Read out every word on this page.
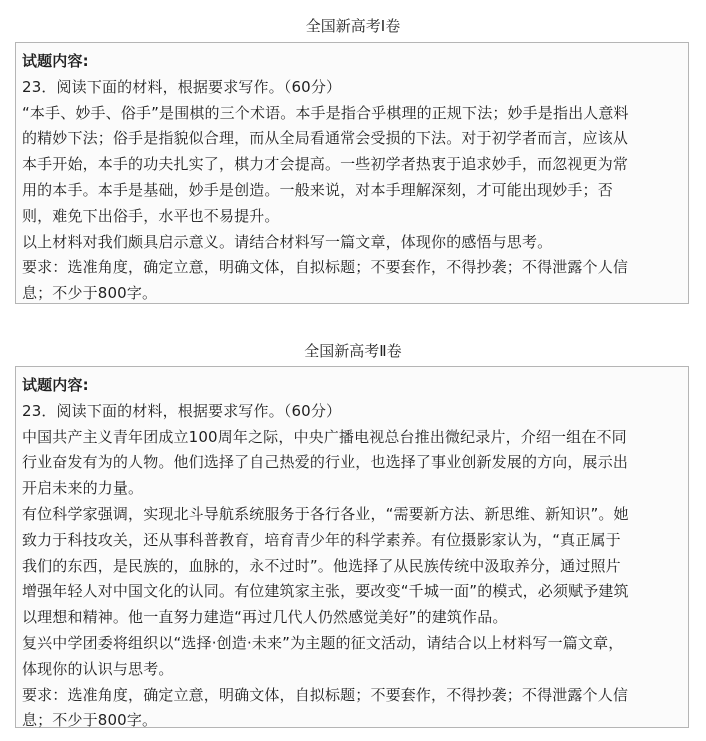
全国新高考Ⅰ卷
试题内容:
23．阅读下面的材料，根据要求写作。（60分）
“本手、妙手、俗手”是围棋的三个术语。本手是指合乎棋理的正规下法；妙手是指出人意料
的精妙下法；俗手是指貌似合理，而从全局看通常会受损的下法。对于初学者而言，应该从
本手开始，本手的功夫扎实了，棋力才会提高。一些初学者热衷于追求妙手，而忽视更为常
用的本手。本手是基础，妙手是创造。一般来说，对本手理解深刻，才可能出现妙手；否
则，难免下出俗手，水平也不易提升。
以上材料对我们颇具启示意义。请结合材料写一篇文章，体现你的感悟与思考。
要求：选准角度，确定立意，明确文体，自拟标题；不要套作，不得抄袭；不得泄露个人信
息；不少于800字。
全国新高考Ⅱ卷
试题内容:
23．阅读下面的材料，根据要求写作。（60分）
中国共产主义青年团成立100周年之际，中央广播电视总台推出微纪录片，介绍一组在不同
行业奋发有为的人物。他们选择了自己热爱的行业，也选择了事业创新发展的方向，展示出
开启未来的力量。
有位科学家强调，实现北斗导航系统服务于各行各业，“需要新方法、新思维、新知识”。她
致力于科技攻关，还从事科普教育，培育青少年的科学素养。有位摄影家认为，“真正属于
我们的东西，是民族的，血脉的，永不过时”。他选择了从民族传统中汲取养分，通过照片
增强年轻人对中国文化的认同。有位建筑家主张，要改变“千城一面”的模式，必须赋予建筑
以理想和精神。他一直努力建造“再过几代人仍然感觉美好”的建筑作品。
复兴中学团委将组织以“选择·创造·未来”为主题的征文活动，请结合以上材料写一篇文章，
体现你的认识与思考。
要求：选准角度，确定立意，明确文体，自拟标题；不要套作，不得抄袭；不得泄露个人信
息；不少于800字。
